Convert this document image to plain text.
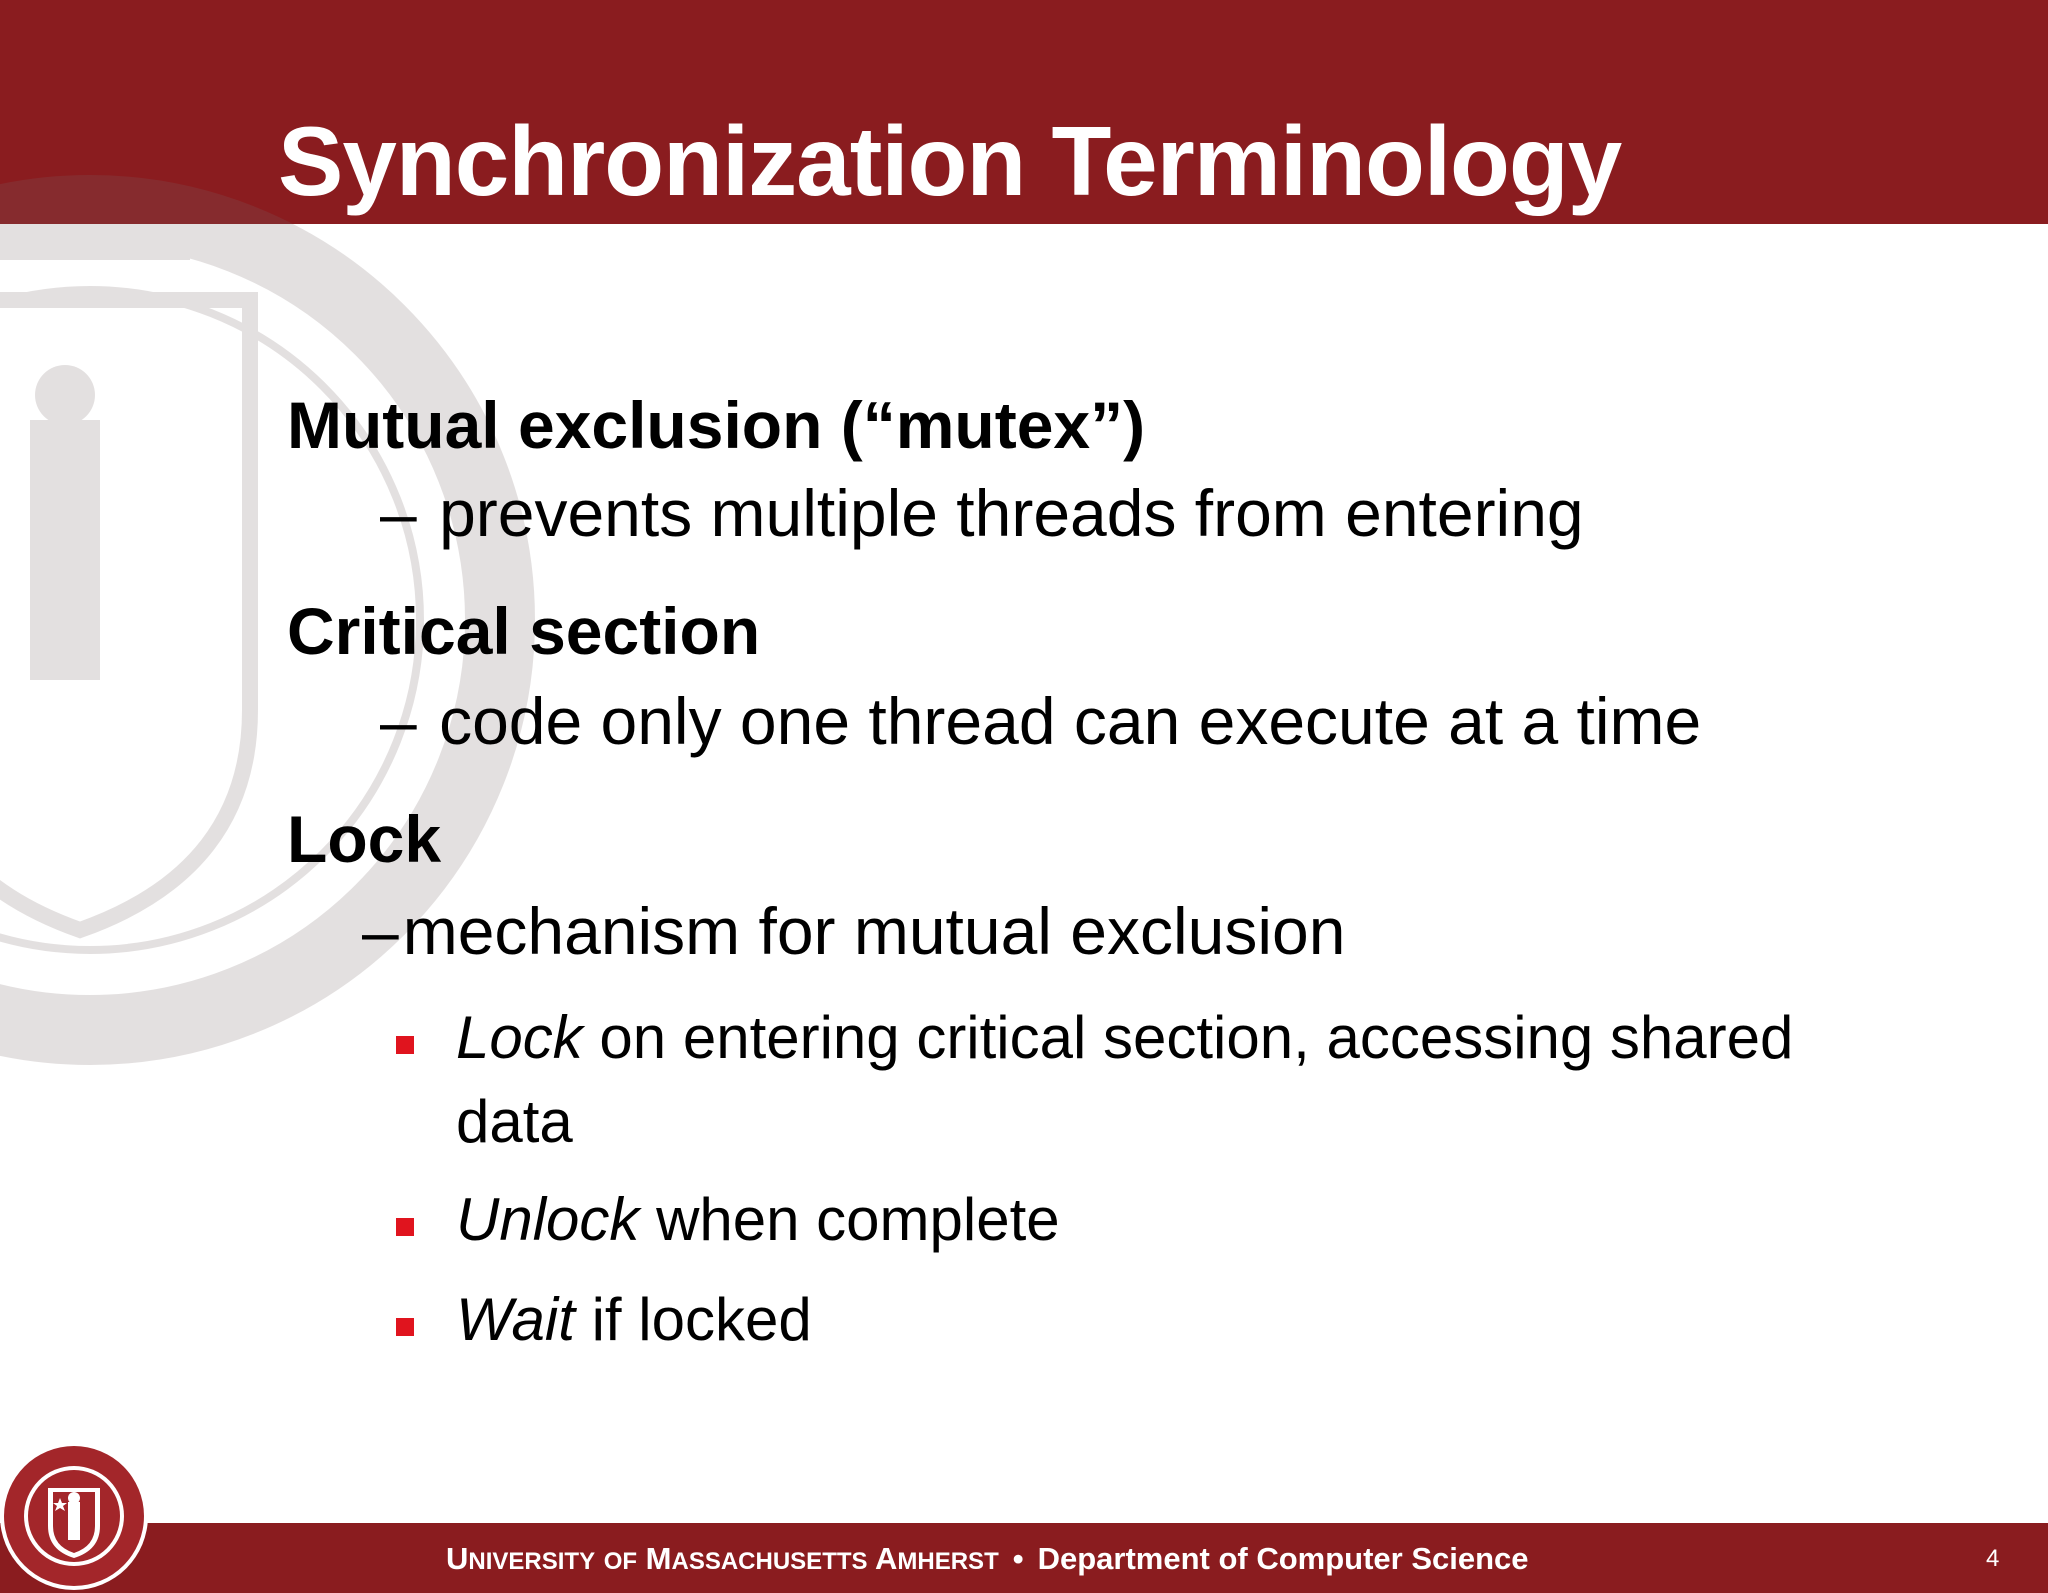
Synchronization Terminology
Mutual exclusion (“mutex”)
– prevents multiple threads from entering
Critical section
– code only one thread can execute at a time
Lock
–mechanism for mutual exclusion
Lock on entering critical section, accessing shared
data
Unlock when complete
Wait if locked
UNIVERSITY OF MASSACHUSETTS AMHERST • Department of Computer Science	4
